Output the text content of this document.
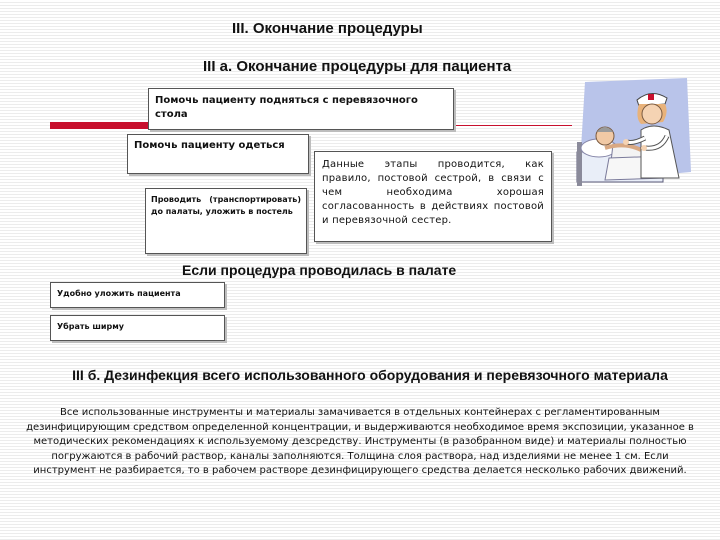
III. Окончание процедуры
III а. Окончание процедуры для пациента
Помочь пациенту подняться с перевязочного стола
Помочь пациенту одеться
Проводить (транспортировать) до палаты, уложить в постель
Данные этапы проводится, как правило, постовой сестрой, в связи с чем необходима хорошая согласованность в действиях постовой и перевязочной сестер.
Если процедура проводилась в палате
Удобно уложить пациента
Убрать ширму
III б. Дезинфекция всего использованного оборудования и перевязочного материала
Все использованные инструменты и материалы замачивается в отдельных контейнерах с регламентированным дезинфицирующим средством определенной концентрации, и выдерживаются необходимое время экспозиции, указанное в методических рекомендациях к используемому дезсредству. Инструменты (в разобранном виде) и материалы полностью погружаются в рабочий раствор, каналы заполняются. Толщина слоя раствора, над изделиями не менее 1 см. Если инструмент не разбирается, то в рабочем растворе дезинфицирующего средства делается несколько рабочих движений.
